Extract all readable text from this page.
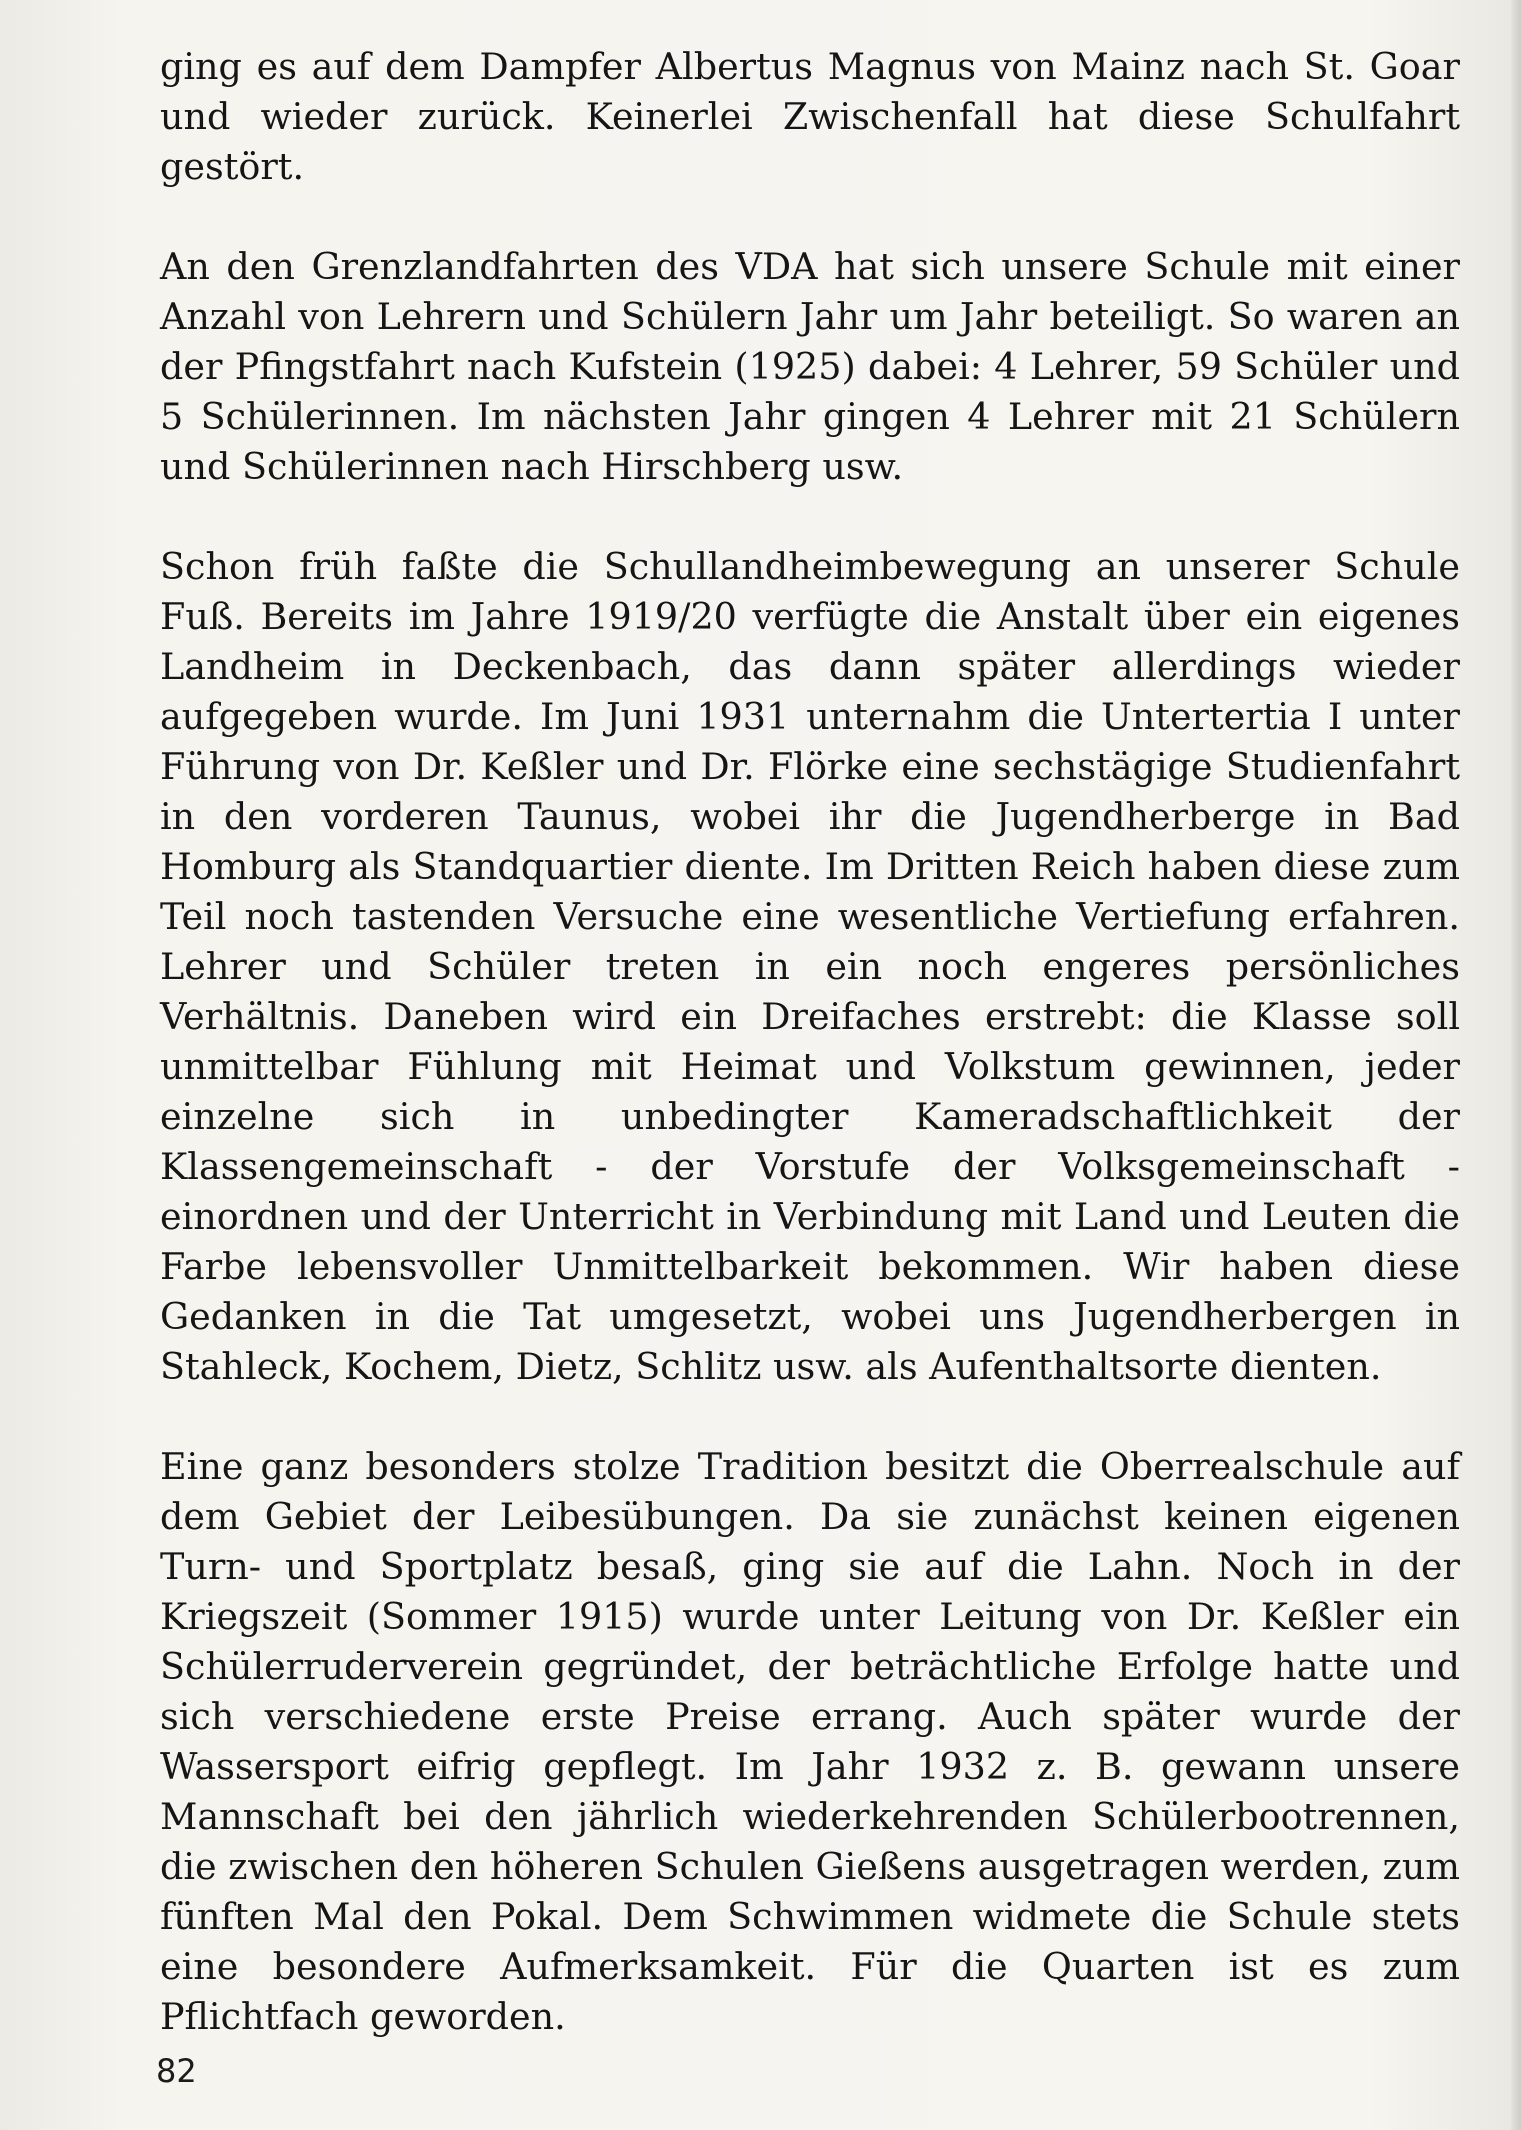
ging es auf dem Dampfer Albertus Magnus von Mainz nach St. Goar und wieder zurück. Keinerlei Zwischenfall hat diese Schulfahrt gestört.

An den Grenzlandfahrten des VDA hat sich unsere Schule mit einer Anzahl von Lehrern und Schülern Jahr um Jahr beteiligt. So waren an der Pfingstfahrt nach Kufstein (1925) dabei: 4 Lehrer, 59 Schüler und 5 Schülerinnen. Im nächsten Jahr gingen 4 Lehrer mit 21 Schülern und Schülerinnen nach Hirschberg usw.

Schon früh faßte die Schullandheimbewegung an unserer Schule Fuß. Bereits im Jahre 1919/20 verfügte die Anstalt über ein eigenes Landheim in Deckenbach, das dann später allerdings wieder aufgegeben wurde. Im Juni 1931 unternahm die Untertertia I unter Führung von Dr. Keßler und Dr. Flörke eine sechstägige Studienfahrt in den vorderen Taunus, wobei ihr die Jugendherberge in Bad Homburg als Standquartier diente. Im Dritten Reich haben diese zum Teil noch tastenden Versuche eine wesentliche Vertiefung erfahren. Lehrer und Schüler treten in ein noch engeres persönliches Verhältnis. Daneben wird ein Dreifaches erstrebt: die Klasse soll unmittelbar Fühlung mit Heimat und Volkstum gewinnen, jeder einzelne sich in unbedingter Kameradschaftlichkeit der Klassengemeinschaft - der Vorstufe der Volksgemeinschaft - einordnen und der Unterricht in Verbindung mit Land und Leuten die Farbe lebensvoller Unmittelbarkeit bekommen. Wir haben diese Gedanken in die Tat umgesetzt, wobei uns Jugendherbergen in Stahleck, Kochem, Dietz, Schlitz usw. als Aufenthaltsorte dienten.

Eine ganz besonders stolze Tradition besitzt die Oberrealschule auf dem Gebiet der Leibesübungen. Da sie zunächst keinen eigenen Turn- und Sportplatz besaß, ging sie auf die Lahn. Noch in der Kriegszeit (Sommer 1915) wurde unter Leitung von Dr. Keßler ein Schülerruderverein gegründet, der beträchtliche Erfolge hatte und sich verschiedene erste Preise errang. Auch später wurde der Wassersport eifrig gepflegt. Im Jahr 1932 z. B. gewann unsere Mannschaft bei den jährlich wiederkehrenden Schülerbootrennen, die zwischen den höheren Schulen Gießens ausgetragen werden, zum fünften Mal den Pokal. Dem Schwimmen widmete die Schule stets eine besondere Aufmerksamkeit. Für die Quarten ist es zum Pflichtfach geworden.

82
